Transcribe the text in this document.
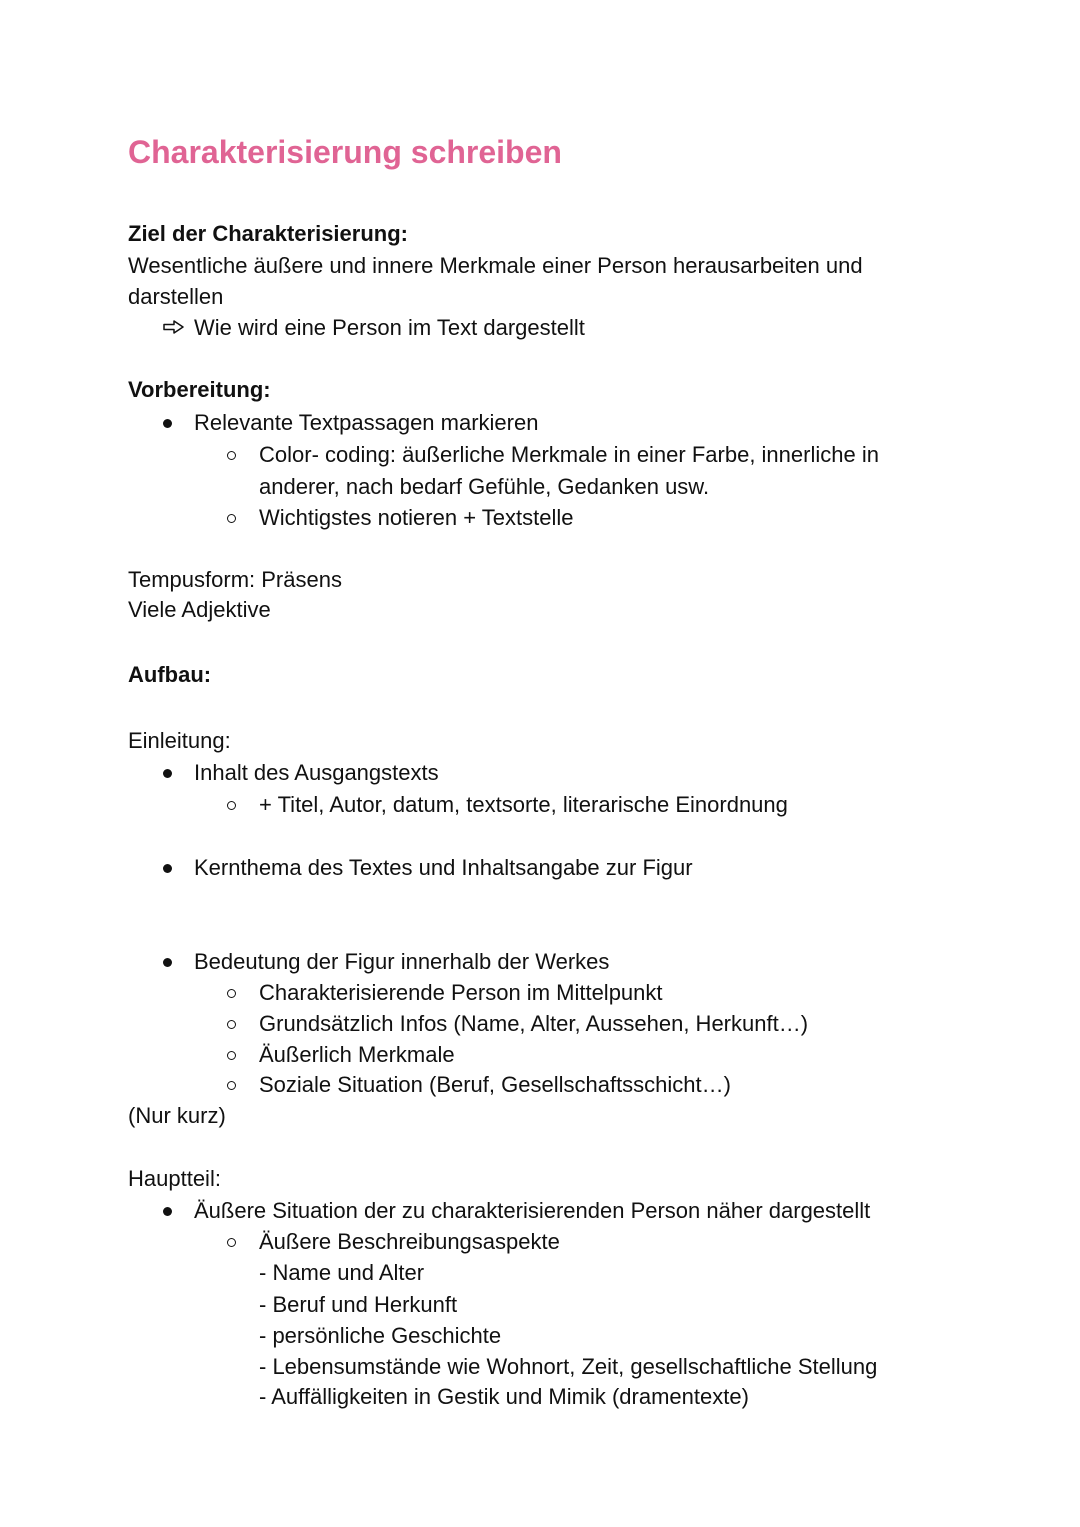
Charakterisierung schreiben
Ziel der Charakterisierung:
Wesentliche äußere und innere Merkmale einer Person herausarbeiten und
darstellen
Wie wird eine Person im Text dargestellt
Vorbereitung:
Relevante Textpassagen markieren
Color- coding: äußerliche Merkmale in einer Farbe, innerliche in
anderer, nach bedarf Gefühle, Gedanken usw.
Wichtigstes notieren + Textstelle
Tempusform: Präsens
Viele Adjektive
Aufbau:
Einleitung:
Inhalt des Ausgangstexts
+ Titel, Autor, datum, textsorte, literarische Einordnung
Kernthema des Textes und Inhaltsangabe zur Figur
Bedeutung der Figur innerhalb der Werkes
Charakterisierende Person im Mittelpunkt
Grundsätzlich Infos (Name, Alter, Aussehen, Herkunft…)
Äußerlich Merkmale
Soziale Situation (Beruf, Gesellschaftsschicht…)
(Nur kurz)
Hauptteil:
Äußere Situation der zu charakterisierenden Person näher dargestellt
Äußere Beschreibungsaspekte
- Name und Alter
- Beruf und Herkunft
- persönliche Geschichte
- Lebensumstände wie Wohnort, Zeit, gesellschaftliche Stellung
- Auffälligkeiten in Gestik und Mimik (dramentexte)
